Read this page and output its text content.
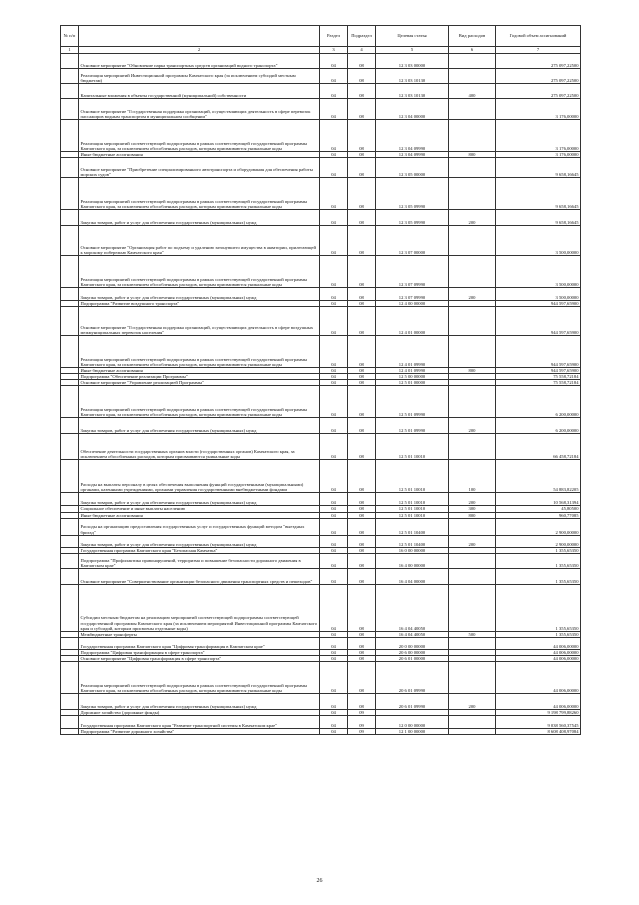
№ п/п		Раздел	Подраздел	Целевая статья	Вид расходов	Годовой объем ассигнований
1	2	3	4	5	6	7
	Основное мероприятие "Обновление парка транспортных средств организаций водного транспорта"	04	08	12 3 03 00000		275 097,22500
	Реализация мероприятий Инвестиционной программы Камчатского края (за исключением субсидий местным бюджетам)	04	08	12 3 03 10130		275 097,22500
	Капитальные вложения в объекты государственной (муниципальной) собственности	04	08	12 3 03 10130	400	275 097,22500
	Основное мероприятие "Государственная поддержка организаций, осуществляющих деятельность в сфере перевозок пассажиров водным транспортом в муниципальном сообщении"	04	08	12 3 04 00000		3 176,00000
	Реализация мероприятий соответствующей подпрограммы в рамках соответствующей государственной программы Камчатского края, за исключением обособленных расходов, которым присваиваются уникальные коды	04	08	12 3 04 09990		3 176,00000
	Иные бюджетные ассигнования	04	08	12 3 04 09990	800	3 176,00000
	Основное мероприятие "Приобретение специализированного автотранспорта и оборудования для обеспечения работы морских судов"	04	08	12 3 05 00000		9 658,16645
	Реализация мероприятий соответствующей подпрограммы в рамках соответствующей государственной программы Камчатского края, за исключением обособленных расходов, которым присваиваются уникальные коды	04	08	12 3 05 09990		9 658,16645
	Закупка товаров, работ и услуг для обеспечения государственных (муниципальных) нужд	04	08	12 3 05 09990	200	9 658,16645
	Основное мероприятие "Организация работ по подъему и удалению затонувшего имущества в акватории, прилегающей к морскому побережью Камчатского края"	04	08	12 3 07 00000		3 500,00000
	Реализация мероприятий соответствующей подпрограммы в рамках соответствующей государственной программы Камчатского края, за исключением обособленных расходов, которым присваиваются уникальные коды	04	08	12 3 07 09990		3 500,00000
	Закупка товаров, работ и услуг для обеспечения государственных (муниципальных) нужд	04	08	12 3 07 09990	200	3 500,00000
	Подпрограмма "Развитие воздушного транспорта"	04	08	12 4 00 00000		944 597,65900
	Основное мероприятие "Государственная поддержка организаций, осуществляющих деятельность в сфере воздушных межмуниципальных перевозок населения"	04	08	12 4 01 00000		944 597,65900
	Реализация мероприятий соответствующей подпрограммы в рамках соответствующей государственной программы Камчатского края, за исключением обособленных расходов, которым присваиваются уникальные коды	04	08	12 4 01 09990		944 597,65900
	Иные бюджетные ассигнования	04	08	12 4 01 09990	800	944 597,65900
	Подпрограмма "Обеспечение реализации Программы"	04	08	12 5 00 00000		75 558,72184
	Основное мероприятие "Управление реализацией Программы"	04	08	12 5 01 00000		75 558,72184
	Реализация мероприятий соответствующей подпрограммы в рамках соответствующей государственной программы Камчатского края, за исключением обособленных расходов, которым присваиваются уникальные коды	04	08	12 5 01 09990		6 200,00000
	Закупка товаров, работ и услуг для обеспечения государственных (муниципальных) нужд	04	08	12 5 01 09990	200	6 200,00000
	Обеспечение деятельности государственных органов власти (государственных органов) Камчатского края, за исключением обособленных расходов, которым присваиваются уникальные коды	04	08	12 5 01 10010		66 458,72184
	Расходы на выплаты персоналу в целях обеспечения выполнения функций государственными (муниципальными) органами, казенными учреждениями, органами управления государственными внебюджетными фондами	04	08	12 5 01 10010	100	54 883,82205
	Закупка товаров, работ и услуг для обеспечения государственных (муниципальных) нужд	04	08	12 5 01 10010	200	10 568,31394
	Социальное обеспечение и иные выплаты населению	04	08	12 5 01 10010	300	45,80500
	Иные бюджетные ассигнования	04	08	12 5 01 10010	800	960,77085
	Расходы на организацию предоставления государственных услуг и государственных функций методом "выездных бригад"	04	08	12 5 01 10400		2 900,00000
	Закупка товаров, работ и услуг для обеспечения государственных (муниципальных) нужд	04	08	12 5 01 10400	200	2 900,00000
	Государственная программа Камчатского края "Безопасная Камчатка"	04	08	16 0 00 00000		1 355,65350
	Подпрограмма "Профилактика правонарушений, терроризма и повышение безопасности дорожного движения в Камчатском крае"	04	08	16 4 00 00000		1 355,65350
	Основное мероприятие "Совершенствование организации безопасного движения транспортных средств и пешеходов"	04	08	16 4 04 00000		1 355,65350
	Субсидии местным бюджетам на реализацию мероприятий соответствующей подпрограммы соответствующей государственной программы Камчатского края (за исключением мероприятий Инвестиционной программы Камчатского края и субсидий, которым присвоены отдельные коды)	04	08	16 4 04 40050		1 355,65350
	Межбюджетные трансферты	04	08	16 4 04 40050	500	1 355,65350
	Государственная программа Камчатского края "Цифровая трансформация в Камчатском крае"	04	08	20 0 00 00000		44 006,00000
	Подпрограмма "Цифровая трансформация в сфере транспорта"	04	08	20 6 00 00000		44 006,00000
	Основное мероприятие "Цифровая трансформация в сфере транспорта"	04	08	20 6 01 00000		44 006,00000
	Реализация мероприятий соответствующей подпрограммы в рамках соответствующей государственной программы Камчатского края, за исключением обособленных расходов, которым присваиваются уникальные коды	04	08	20 6 01 09990		44 006,00000
	Закупка товаров, работ и услуг для обеспечения государственных (муниципальных) нужд	04	08	20 6 01 09990	200	44 006,00000
	Дорожное хозяйство (дорожные фонды)	04	09			9 198 799,88260
	Государственная программа Камчатского края "Развитие транспортной системы в Камчатском крае"	04	09	12 0 00 00000		9 038 560,37545
	Подпрограмма "Развитие дорожного хозяйства"	04	09	12 1 00 00000		8 608 408,97084
26
